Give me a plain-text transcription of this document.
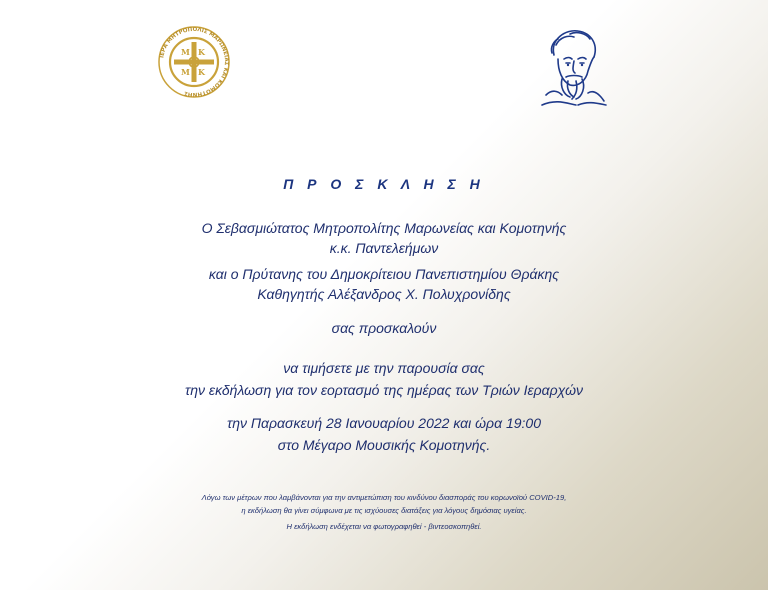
ΙΕΡΑ ΜΗΤΡΟΠΟΛΙΣ ΜΑΡΩΝΕΙΑΣ ΚΑΙ ΚΟΜΟΤΗΝΗΣ
Μ Κ
Μ Κ
Π Ρ Ο Σ Κ Λ Η Σ Η
Ο Σεβασμιώτατος Μητροπολίτης Μαρωνείας και Κομοτηνής
κ.κ. Παντελεήμων
και ο Πρύτανης του Δημοκρίτειου Πανεπιστημίου Θράκης
Καθηγητής Αλέξανδρος Χ. Πολυχρονίδης
σας προσκαλούν
να τιμήσετε με την παρουσία σας
την εκδήλωση για τον εορτασμό της ημέρας των Τριών Ιεραρχών
την Παρασκευή 28 Ιανουαρίου 2022 και ώρα 19:00
στο Μέγαρο Μουσικής Κομοτηνής.
Λόγω των μέτρων που λαμβάνονται για την αντιμετώπιση του κινδύνου διασποράς του κορωνοϊού COVID-19,
η εκδήλωση θα γίνει σύμφωνα με τις ισχύουσες διατάξεις για λόγους δημόσιας υγείας.
Η εκδήλωση ενδέχεται να φωτογραφηθεί - βιντεοσκοπηθεί.
